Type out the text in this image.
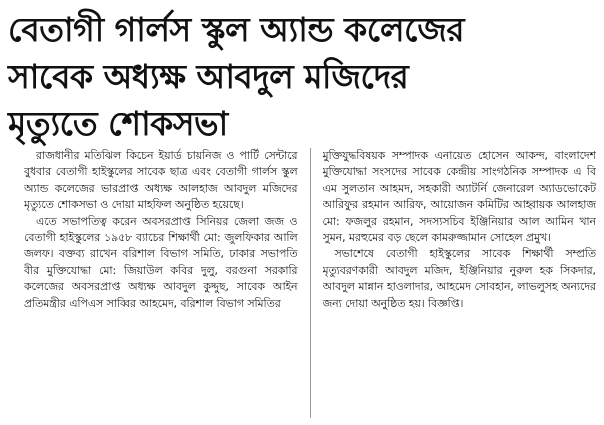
বেতাগী গার্লস স্কুল অ্যান্ড কলেজের
সাবেক অধ্যক্ষ আবদুল মজিদের
মৃত্যুতে শোকসভা

রাজধানীর মতিঝিল কিচেন ইয়ার্ড চায়নিজ ও পার্টি সেন্টারে বুধবার বেতাগী হাইস্কুলের সাবেক ছাত্র এবং বেতাগী গার্লস স্কুল অ্যান্ড কলেজের ভারপ্রাপ্ত অধ্যক্ষ আলহাজ আবদুল মজিদের মৃত্যুতে শোকসভা ও দোয়া মাহফিল অনুষ্ঠিত হয়েছে।

এতে সভাপতিত্ব করেন অবসরপ্রাপ্ত সিনিয়র জেলা জজ ও বেতাগী হাইস্কুলের ১৯৫৮ ব্যাচের শিক্ষার্থী মো: জুলফিকার আলি জলফ। বক্তব্য রাখেন বরিশাল বিভাগ সমিতি, ঢাকার সভাপতি বীর মুক্তিযোদ্ধা মো: জিয়াউল কবির দুলু, বরগুনা সরকারি কলেজের অবসরপ্রাপ্ত অধ্যক্ষ আবদুল কুদ্দুছ, সাবেক আইন প্রতিমন্ত্রীর এপিএস সাব্বির আহমেদ, বরিশাল বিভাগ সমিতির

মুক্তিযুদ্ধবিষয়ক সম্পাদক এনায়েত হোসেন আকন্দ, বাংলাদেশ মুক্তিযোদ্ধা সংসদের সাবেক কেন্দ্রীয় সাংগঠনিক সম্পাদক এ বি এম সুলতান আহমদ, সহকারী অ্যাটর্নি জেনারেল অ্যাডভোকেট আরিফুর রহমান আরিফ, আয়োজন কমিটির আহ্বায়ক আলহাজ মো: ফজলুর রহমান, সদস্যসচিব ইঞ্জিনিয়ার আল আমিন খান সুমন, মরহুমের বড় ছেলে কামরুজ্জামান সোহেল প্রমুখ।

সভাশেষে বেতাগী হাইস্কুলের সাবেক শিক্ষার্থী সম্প্রতি মৃত্যুবরণকারী আবদুল মজিদ, ইঞ্জিনিয়ার নুরুল হক সিকদার, আবদুল মান্নান হাওলাদার, আহমেদ সোবহান, লাভলুসহ অন্যদের জন্য দোয়া অনুষ্ঠিত হয়। বিজ্ঞপ্তি।
